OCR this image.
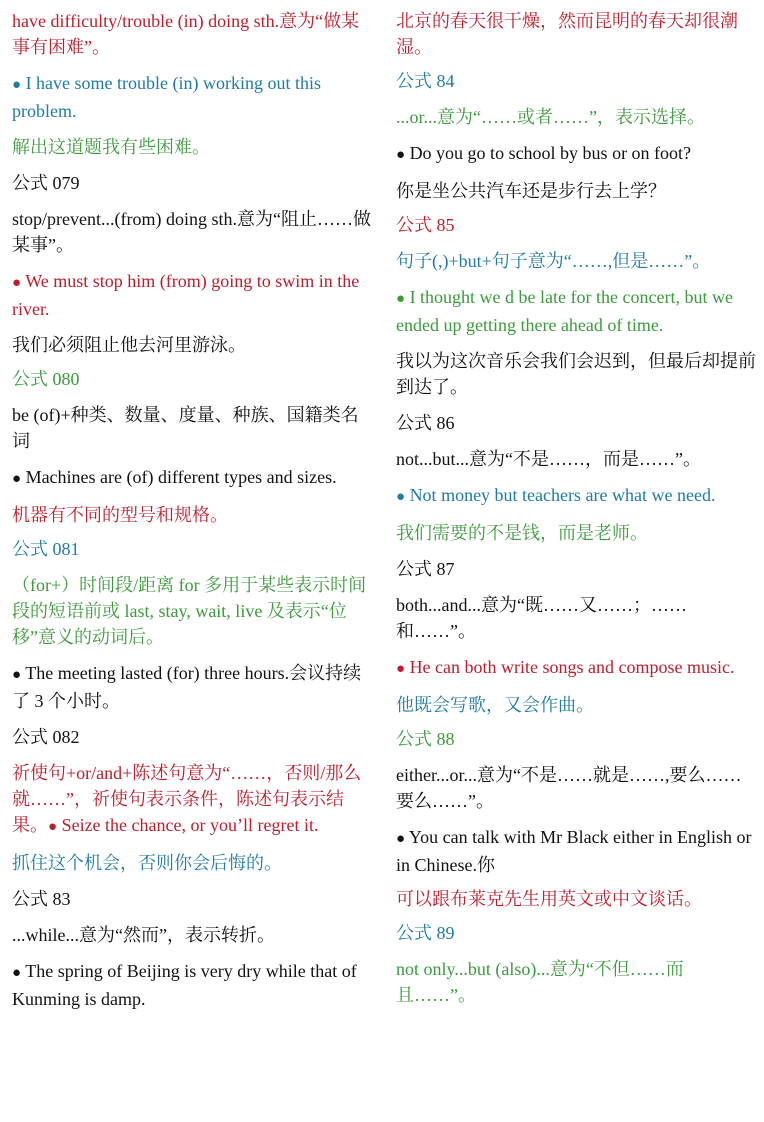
have difficulty/trouble (in) doing sth.意为“做某事有困难”。

● I have some trouble (in) working out this problem.

解出这道题我有些困难。

公式 079

stop/prevent...(from) doing sth.意为“阻止……做某事”。

● We must stop him (from) going to swim in the river.

我们必须阻止他去河里游泳。

公式 080

be (of)+种类、数量、度量、种族、国籍类名词

● Machines are (of) different types and sizes.

机器有不同的型号和规格。

公式 081

（for+）时间段/距离 for 多用于某些表示时间段的短语前或 last, stay, wait, live 及表示“位移”意义的动词后。

● The meeting lasted (for) three hours.会议持续了 3 个小时。

公式 082

祈使句+or/and+陈述句意为“……，否则/那么就……”，祈使句表示条件，陈述句表示结果。● Seize the chance, or you’ll regret it.

抓住这个机会，否则你会后悔的。

公式 83

...while...意为“然而”，表示转折。

● The spring of Beijing is very dry while that of Kunming is damp.

北京的春天很干燥，然而昆明的春天却很潮湿。

公式 84

...or...意为“……或者……”，表示选择。

● Do you go to school by bus or on foot?

你是坐公共汽车还是步行去上学？

公式 85

句子(,)+but+句子意为“……,但是……”。

● I thought we d be late for the concert, but we ended up getting there ahead of time.

我以为这次音乐会我们会迟到，但最后却提前到达了。

公式 86

not...but...意为“不是……，而是……”。

● Not money but teachers are what we need.

我们需要的不是钱，而是老师。

公式 87

both...and...意为“既……又……；……和……”。

● He can both write songs and compose music.

他既会写歌，又会作曲。

公式 88

either...or...意为“不是……就是……,要么……要么……”。

● You can talk with Mr Black either in English or in Chinese.你

可以跟布莱克先生用英文或中文谈话。

公式 89

not only...but (also)...意为“不但……而且……”。
